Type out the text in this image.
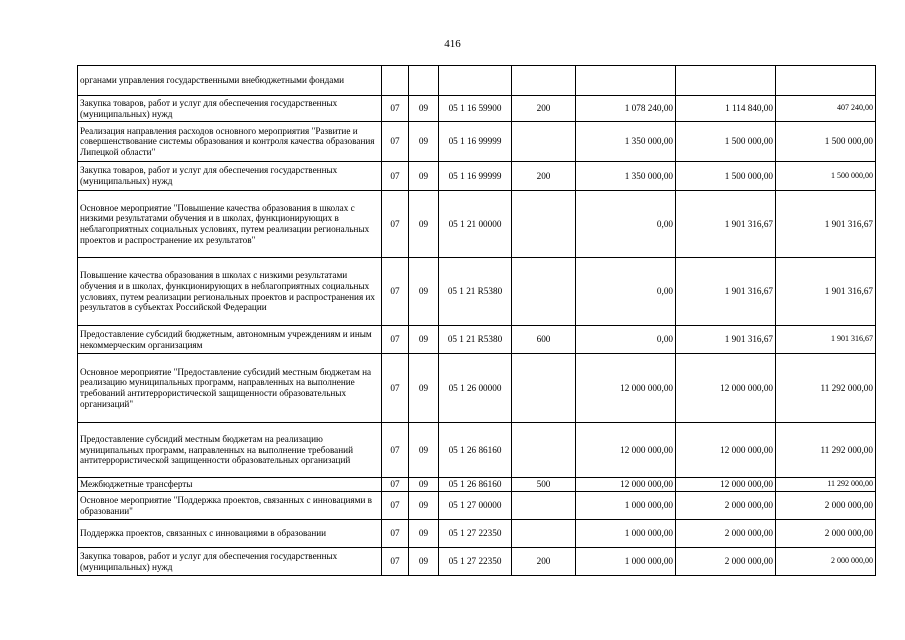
416
органами управления государственными внебюджетными фондами							
Закупка товаров, работ и услуг для обеспечения государственных (муниципальных) нужд	07	09	05 1 16 59900	200	1 078 240,00	1 114 840,00	407 240,00
Реализация направления расходов основного мероприятия "Развитие и совершенствование системы образования и контроля качества образования Липецкой области"	07	09	05 1 16 99999		1 350 000,00	1 500 000,00	1 500 000,00
Закупка товаров, работ и услуг для обеспечения государственных (муниципальных) нужд	07	09	05 1 16 99999	200	1 350 000,00	1 500 000,00	1 500 000,00
Основное мероприятие "Повышение качества образования в школах с низкими результатами обучения и в школах, функционирующих в неблагоприятных социальных условиях, путем реализации региональных проектов и распространение их результатов"	07	09	05 1 21 00000		0,00	1 901 316,67	1 901 316,67
Повышение качества образования в школах с низкими результатами обучения и в школах, функционирующих в неблагоприятных социальных условиях, путем реализации региональных проектов и распространения их результатов в субъектах Российской Федерации	07	09	05 1 21 R5380		0,00	1 901 316,67	1 901 316,67
Предоставление субсидий бюджетным, автономным учреждениям и иным некоммерческим организациям	07	09	05 1 21 R5380	600	0,00	1 901 316,67	1 901 316,67
Основное мероприятие "Предоставление субсидий местным бюджетам на реализацию муниципальных программ, направленных на выполнение требований антитеррористической защищенности образовательных организаций"	07	09	05 1 26 00000		12 000 000,00	12 000 000,00	11 292 000,00
Предоставление субсидий местным бюджетам на реализацию муниципальных программ, направленных на выполнение требований антитеррористической защищенности образовательных организаций	07	09	05 1 26 86160		12 000 000,00	12 000 000,00	11 292 000,00
Межбюджетные трансферты	07	09	05 1 26 86160	500	12 000 000,00	12 000 000,00	11 292 000,00
Основное мероприятие "Поддержка проектов, связанных с инновациями в образовании"	07	09	05 1 27 00000		1 000 000,00	2 000 000,00	2 000 000,00
Поддержка проектов, связанных с инновациями в образовании	07	09	05 1 27 22350		1 000 000,00	2 000 000,00	2 000 000,00
Закупка товаров, работ и услуг для обеспечения государственных (муниципальных) нужд	07	09	05 1 27 22350	200	1 000 000,00	2 000 000,00	2 000 000,00
